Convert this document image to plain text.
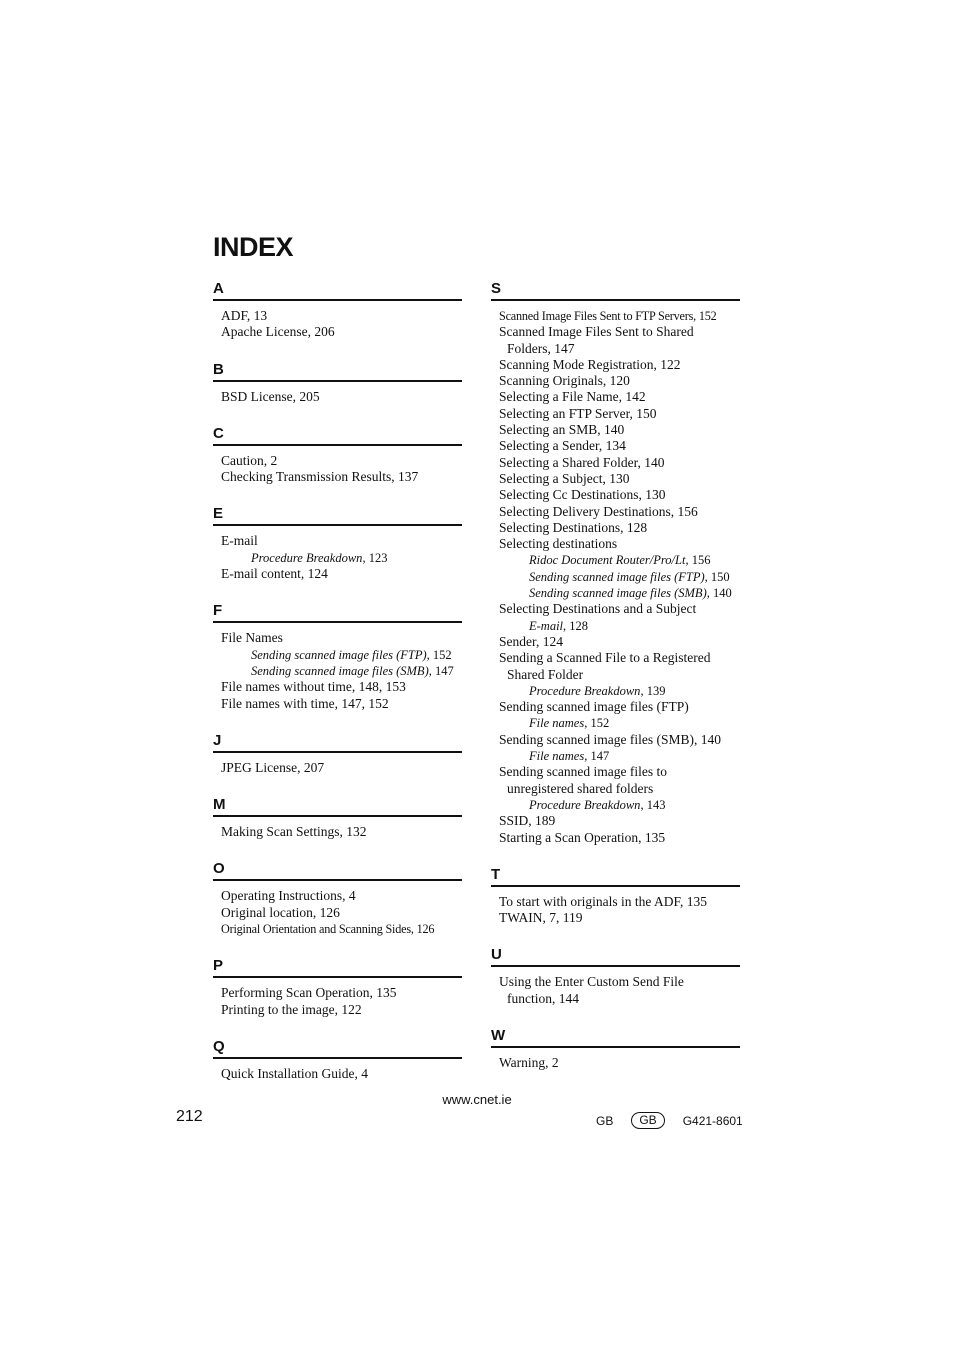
INDEX
A
ADF, 13
Apache License, 206
B
BSD License, 205
C
Caution, 2
Checking Transmission Results, 137
E
E-mail
Procedure Breakdown, 123
E-mail content, 124
F
File Names
Sending scanned image files (FTP), 152
Sending scanned image files (SMB), 147
File names without time, 148, 153
File names with time, 147, 152
J
JPEG License, 207
M
Making Scan Settings, 132
O
Operating Instructions, 4
Original location, 126
Original Orientation and Scanning Sides, 126
P
Performing Scan Operation, 135
Printing to the image, 122
Q
Quick Installation Guide, 4
S
Scanned Image Files Sent to FTP Servers, 152
Scanned Image Files Sent to Shared
Folders, 147
Scanning Mode Registration, 122
Scanning Originals, 120
Selecting a File Name, 142
Selecting an FTP Server, 150
Selecting an SMB, 140
Selecting a Sender, 134
Selecting a Shared Folder, 140
Selecting a Subject, 130
Selecting Cc Destinations, 130
Selecting Delivery Destinations, 156
Selecting Destinations, 128
Selecting destinations
Ridoc Document Router/Pro/Lt, 156
Sending scanned image files (FTP), 150
Sending scanned image files (SMB), 140
Selecting Destinations and a Subject
E-mail, 128
Sender, 124
Sending a Scanned File to a Registered
Shared Folder
Procedure Breakdown, 139
Sending scanned image files (FTP)
File names, 152
Sending scanned image files (SMB), 140
File names, 147
Sending scanned image files to
unregistered shared folders
Procedure Breakdown, 143
SSID, 189
Starting a Scan Operation, 135
T
To start with originals in the ADF, 135
TWAIN, 7, 119
U
Using the Enter Custom Send File
function, 144
W
Warning, 2
www.cnet.ie
212	GB	GB	G421-8601
